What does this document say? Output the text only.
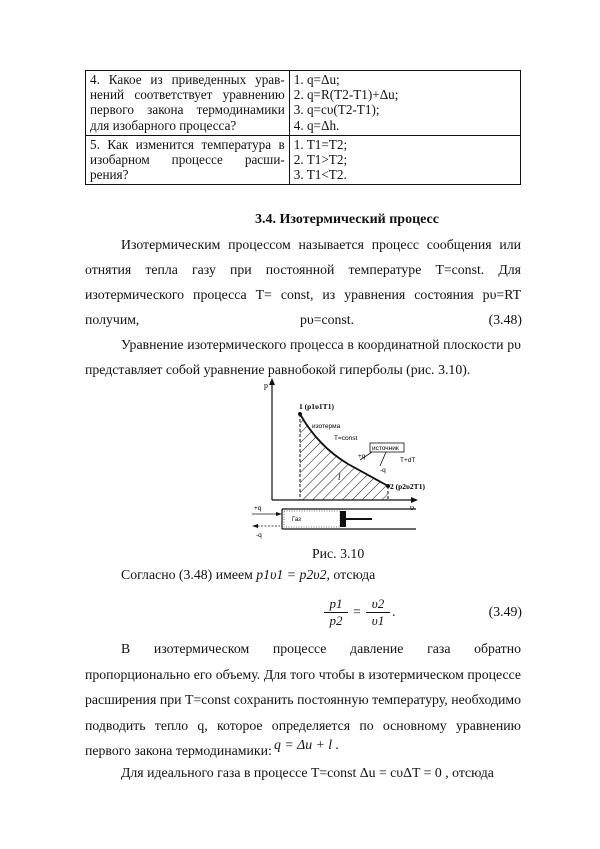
4. Какое из приведенных урав-нений соответствует уравнению первого закона термодинамики для изобарного процесса?	1. q=Δu;
2. q=R(T2-T1)+Δu;
3. q=cυ(T2-T1);
4. q=Δh.

5. Как изменится температура в изобарном процессе расши-рения?	1. T1=T2;
2. T1>T2;
3. T1<T2.
3.4. Изотермический процесс
Изотермическим процессом называется процесс сообщения или отнятия тепла газу при постоянной температуре T=const. Для изотермического процесса T= const, из уравнения состояния pυ=RT получим,	pυ=const.	(3.48)
Уравнение изотермического процесса в координатной плоскости pυ представляет собой уравнение равнобокой гиперболы (рис. 3.10).
p
υ
1 (p1υ1T1)
2 (p2υ2T1)
изотерма
T=const
источник
T+dT
+q
-q
l
Газ
+q
-q
Рис. 3.10
Согласно (3.48) имеем p1υ1 = p2υ2, отсюда
$\frac{p1}{p2} = \frac{\upsilon 2}{\upsilon 1}$ .	(3.49)
В изотермическом процессе давление газа обратно пропорционально его объему. Для того чтобы в изотермическом процессе расширения при T=const сохранить постоянную температуру, необходимо подводить тепло q, которое определяется по основному уравнению первого закона термодинамики: q = Δu + l .
Для идеального газа в процессе T=const Δu = cυΔT = 0 , отсюда
